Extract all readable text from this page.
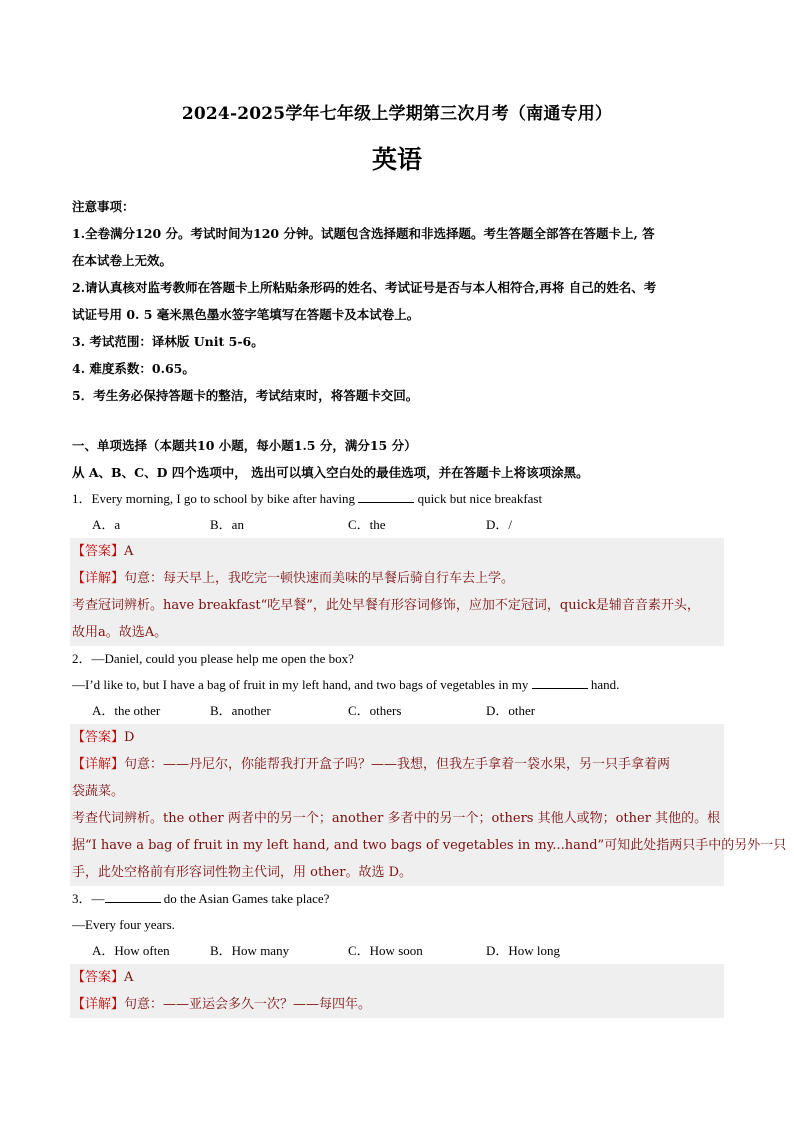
2024-2025学年七年级上学期第三次月考（南通专用）
英语
注意事项：
1.全卷满分120 分。考试时间为120 分钟。试题包含选择题和非选择题。考生答题全部答在答题卡上, 答
在本试卷上无效。
2.请认真核对监考教师在答题卡上所粘贴条形码的姓名、考试证号是否与本人相符合,再将 自己的姓名、考
试证号用 0. 5 毫米黑色墨水签字笔填写在答题卡及本试卷上。
3. 考试范围：译林版 Unit 5-6。
4. 难度系数：0.65。
5．考生务必保持答题卡的整洁，考试结束时，将答题卡交回。
一、单项选择（本题共10 小题，每小题1.5 分，满分15 分）
从 A、B、C、D 四个选项中， 选出可以填入空白处的最佳选项，并在答题卡上将该项涂黑。
1．Every morning, I go to school by bike after having	quick but nice breakfast
A．a	B．an	C．the	D．/
【答案】A
【详解】句意：每天早上，我吃完一顿快速而美味的早餐后骑自行车去上学。
考查冠词辨析。have breakfast“吃早餐”，此处早餐有形容词修饰，应加不定冠词，quick是辅音音素开头，
故用a。故选A。
2．—Daniel, could you please help me open the box?
—I’d like to, but I have a bag of fruit in my left hand, and two bags of vegetables in my	hand.
A．the other	B．another	C．others	D．other
【答案】D
【详解】句意：——丹尼尔，你能帮我打开盒子吗？——我想，但我左手拿着一袋水果，另一只手拿着两
袋蔬菜。
考查代词辨析。the other 两者中的另一个；another 多者中的另一个；others 其他人或物；other 其他的。根
据“I have a bag of fruit in my left hand, and two bags of vegetables in my...hand”可知此处指两只手中的另外一只
手，此处空格前有形容词性物主代词，用 other。故选 D。
3．—	do the Asian Games take place?
—Every four years.
A．How often	B．How many	C．How soon	D．How long
【答案】A
【详解】句意：——亚运会多久一次？——每四年。
